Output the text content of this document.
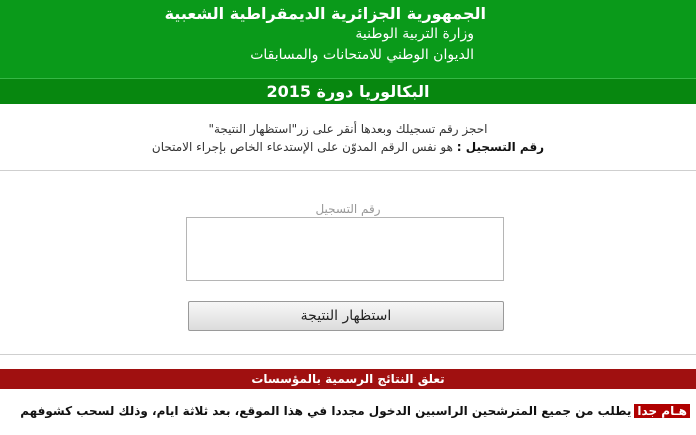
الجمهورية الجزائرية الديمقراطية الشعبية
وزارة التربية الوطنية
الديوان الوطني للامتحانات والمسابقات
البكالوريا دورة 2015
احجز رقم تسجيلك وبعدها أنقر على زر"استظهار النتيجة"
رقم التسجيل : هو نفس الرقم المدوّن على الإستدعاء الخاص بإجراء الامتحان
رقم التسجيل
استظهار النتيجة
تعلق النتائج الرسمية بالمؤسسات
هـام جدايطلب من جميع المترشحين الراسبين الدخول مجددا في هذا الموقع، بعد ثلاثة ايام، وذلك لسحب كشوفهم
